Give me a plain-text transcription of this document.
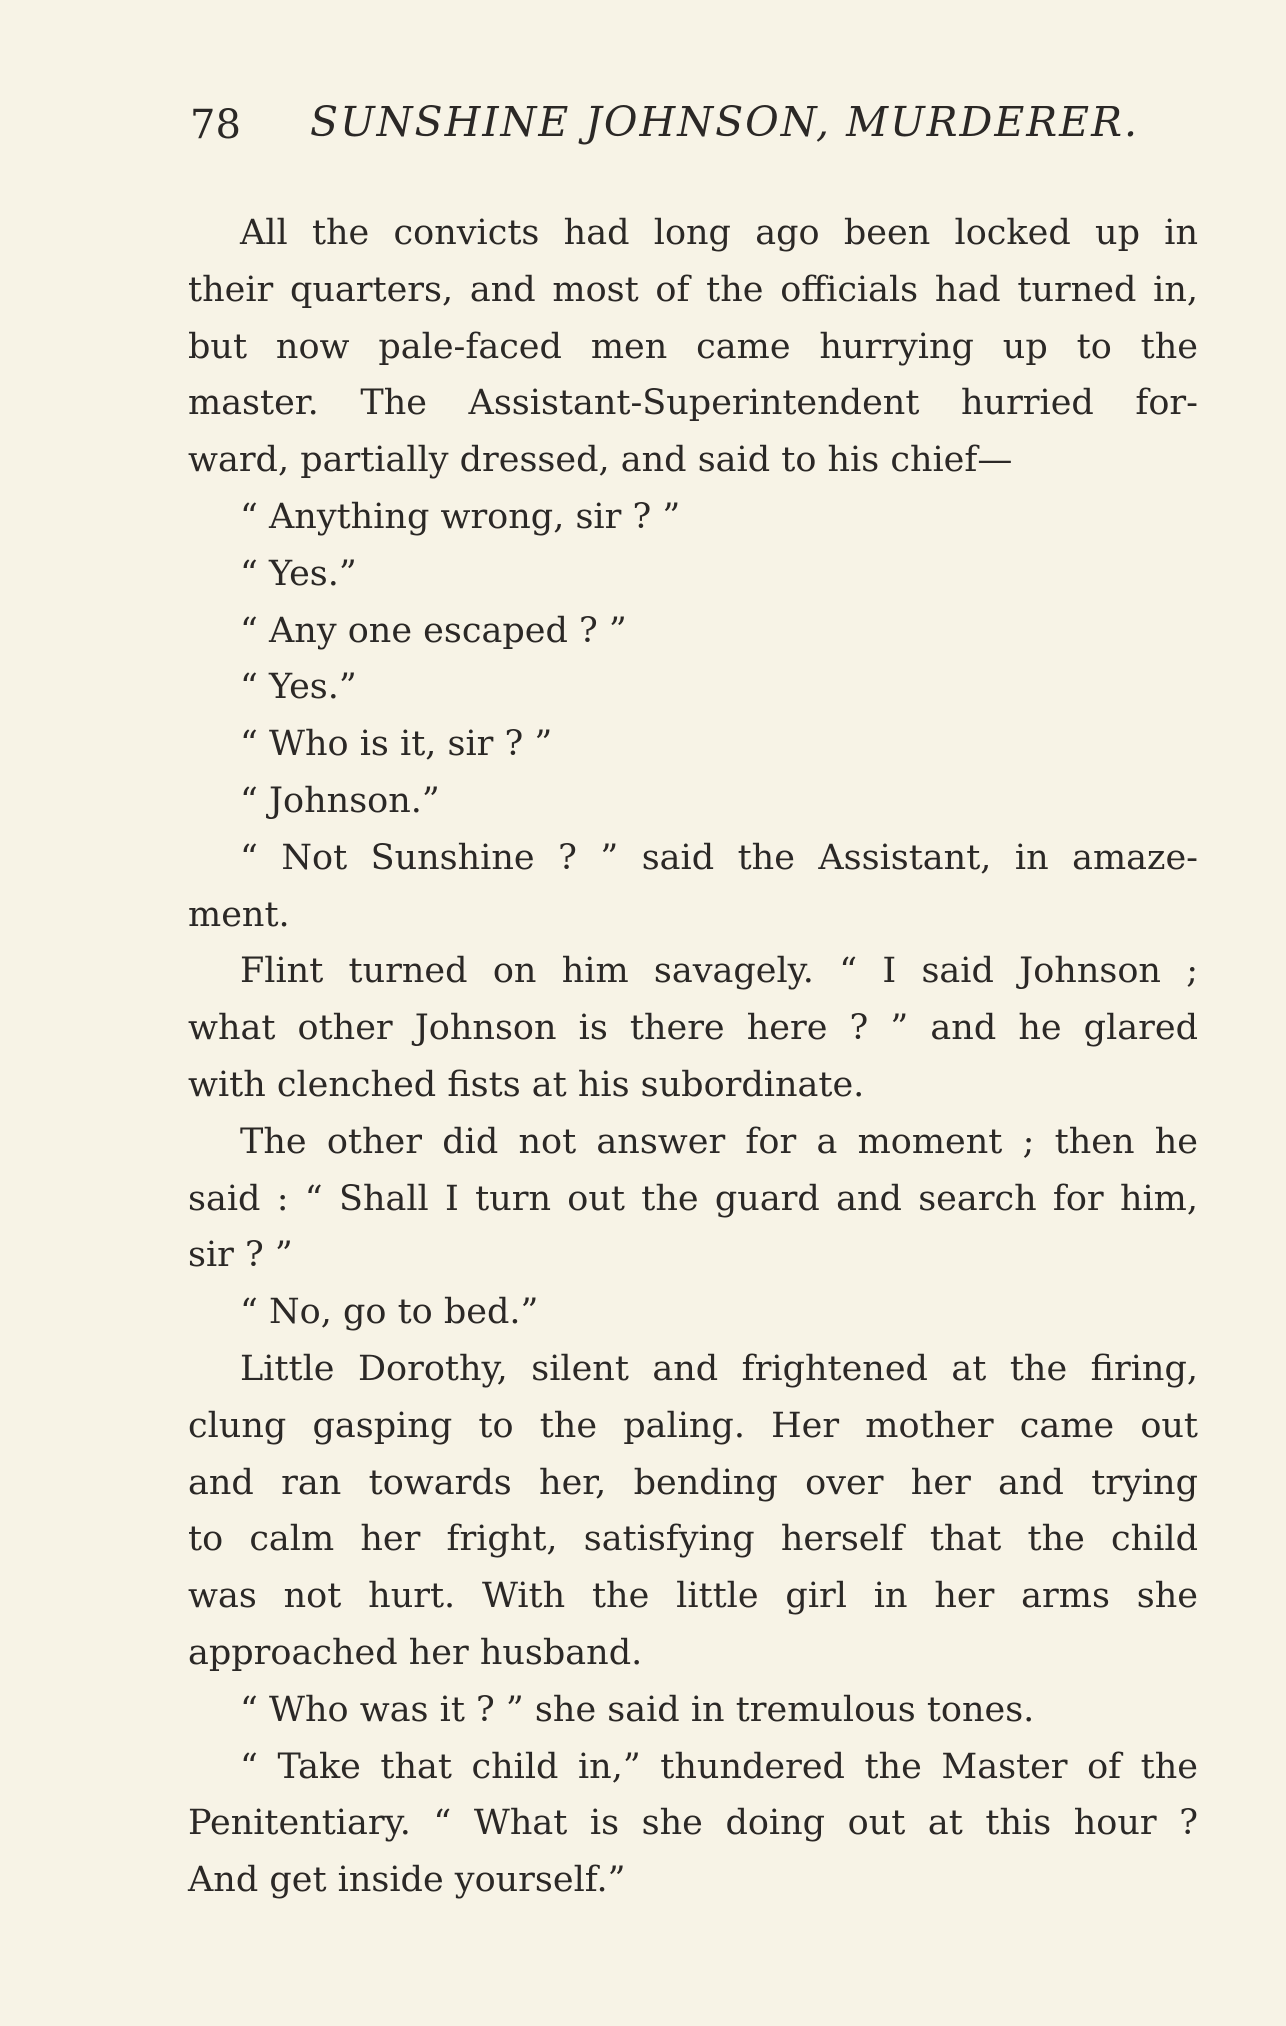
78 SUNSHINE JOHNSON, MURDERER.
All the convicts had long ago been locked up in
their quarters, and most of the officials had turned in,
but now pale-faced men came hurrying up to the
master. The Assistant-Superintendent hurried for-
ward, partially dressed, and said to his chief—
“ Anything wrong, sir ? ”
“ Yes.”
“ Any one escaped ? ”
“ Yes.”
“ Who is it, sir ? ”
“ Johnson.”
“ Not Sunshine ? ” said the Assistant, in amaze-
ment.
Flint turned on him savagely. “ I said Johnson ;
what other Johnson is there here ? ” and he glared
with clenched fists at his subordinate.
The other did not answer for a moment ; then he
said : “ Shall I turn out the guard and search for him,
sir ? ”
“ No, go to bed.”
Little Dorothy, silent and frightened at the firing,
clung gasping to the paling. Her mother came out
and ran towards her, bending over her and trying
to calm her fright, satisfying herself that the child
was not hurt. With the little girl in her arms she
approached her husband.
“ Who was it ? ” she said in tremulous tones.
“ Take that child in,” thundered the Master of the
Penitentiary. “ What is she doing out at this hour ?
And get inside yourself.”
